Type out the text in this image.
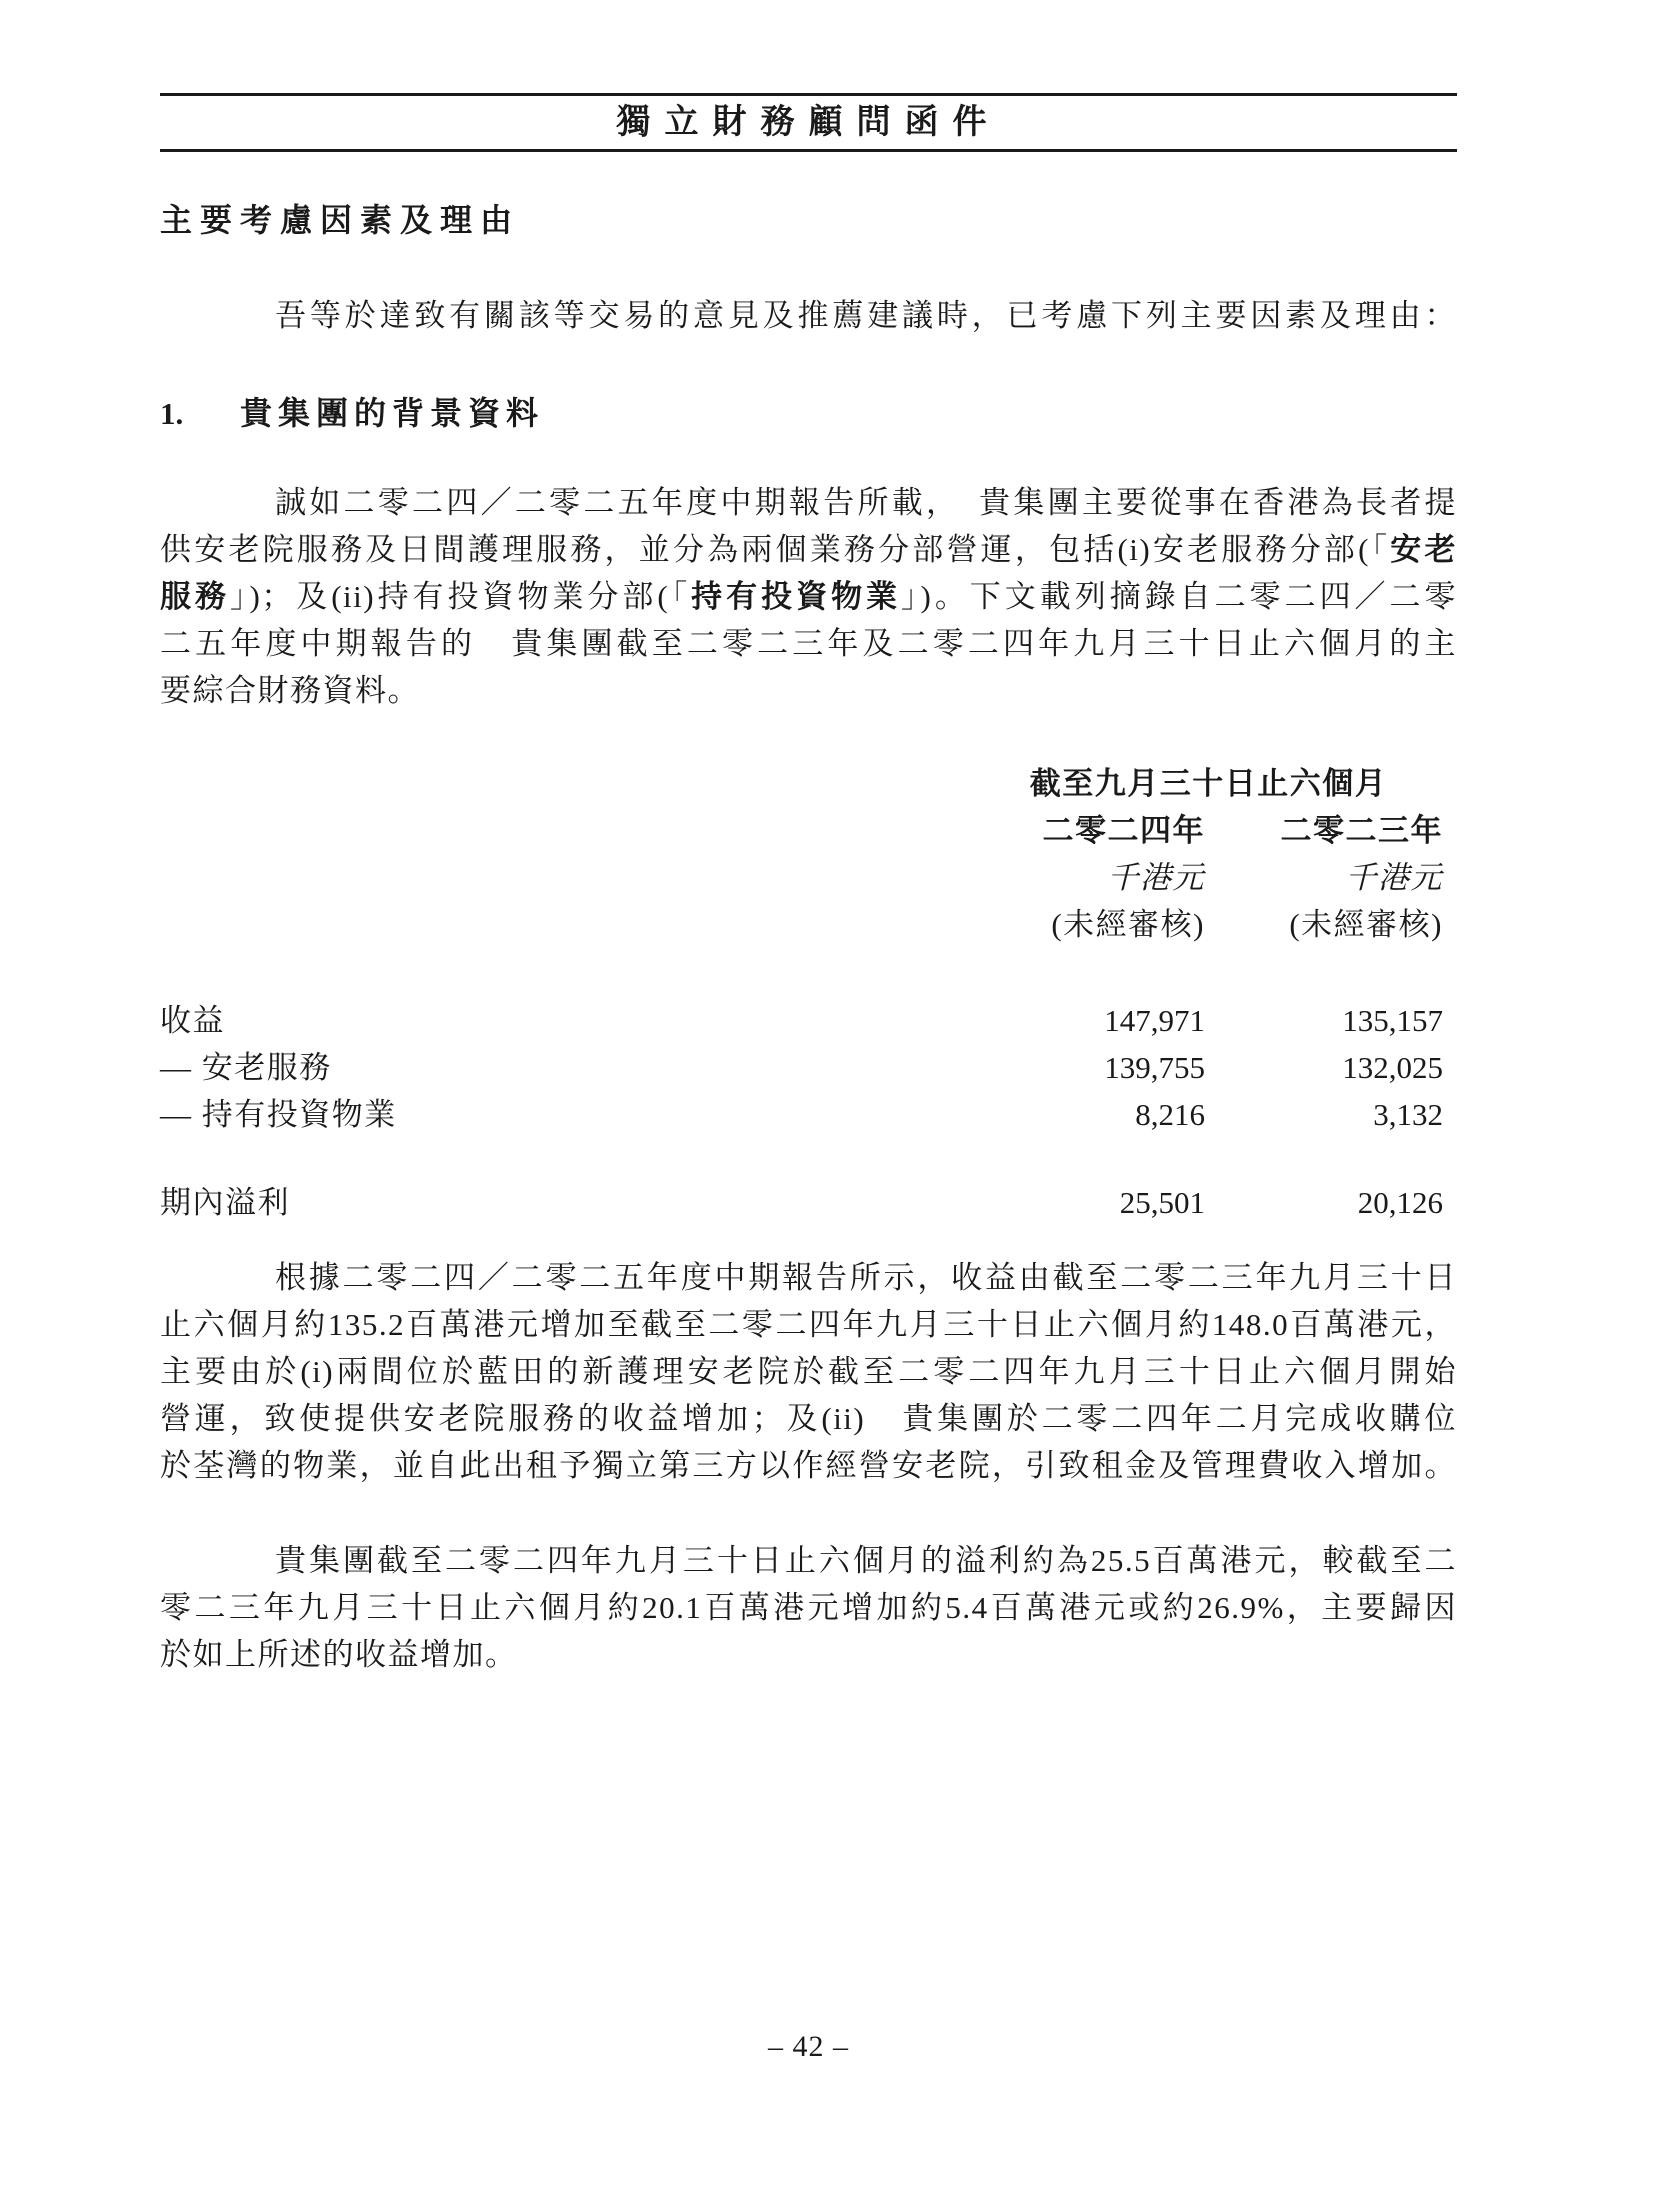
獨立財務顧問函件
主要考慮因素及理由
吾等於達致有關該等交易的意見及推薦建議時，已考慮下列主要因素及理由：
1. 貴集團的背景資料
誠如二零二四／二零二五年度中期報告所載，　貴集團主要從事在香港為長者提
供安老院服務及日間護理服務，並分為兩個業務分部營運，包括(i)安老服務分部(「安老
服務」)；及(ii)持有投資物業分部(「持有投資物業」)。下文載列摘錄自二零二四／二零
二五年度中期報告的　貴集團截至二零二三年及二零二四年九月三十日止六個月的主
要綜合財務資料。
截至九月三十日止六個月
二零二四年	二零二三年
千港元	千港元
(未經審核)	(未經審核)
收益	147,971	135,157
— 安老服務	139,755	132,025
— 持有投資物業	8,216	3,132
期內溢利	25,501	20,126
根據二零二四／二零二五年度中期報告所示，收益由截至二零二三年九月三十日
止六個月約135.2百萬港元增加至截至二零二四年九月三十日止六個月約148.0百萬港元，
主要由於(i)兩間位於藍田的新護理安老院於截至二零二四年九月三十日止六個月開始
營運，致使提供安老院服務的收益增加；及(ii)　貴集團於二零二四年二月完成收購位
於荃灣的物業，並自此出租予獨立第三方以作經營安老院，引致租金及管理費收入增加。
貴集團截至二零二四年九月三十日止六個月的溢利約為25.5百萬港元，較截至二
零二三年九月三十日止六個月約20.1百萬港元增加約5.4百萬港元或約26.9%，主要歸因
於如上所述的收益增加。
– 42 –
